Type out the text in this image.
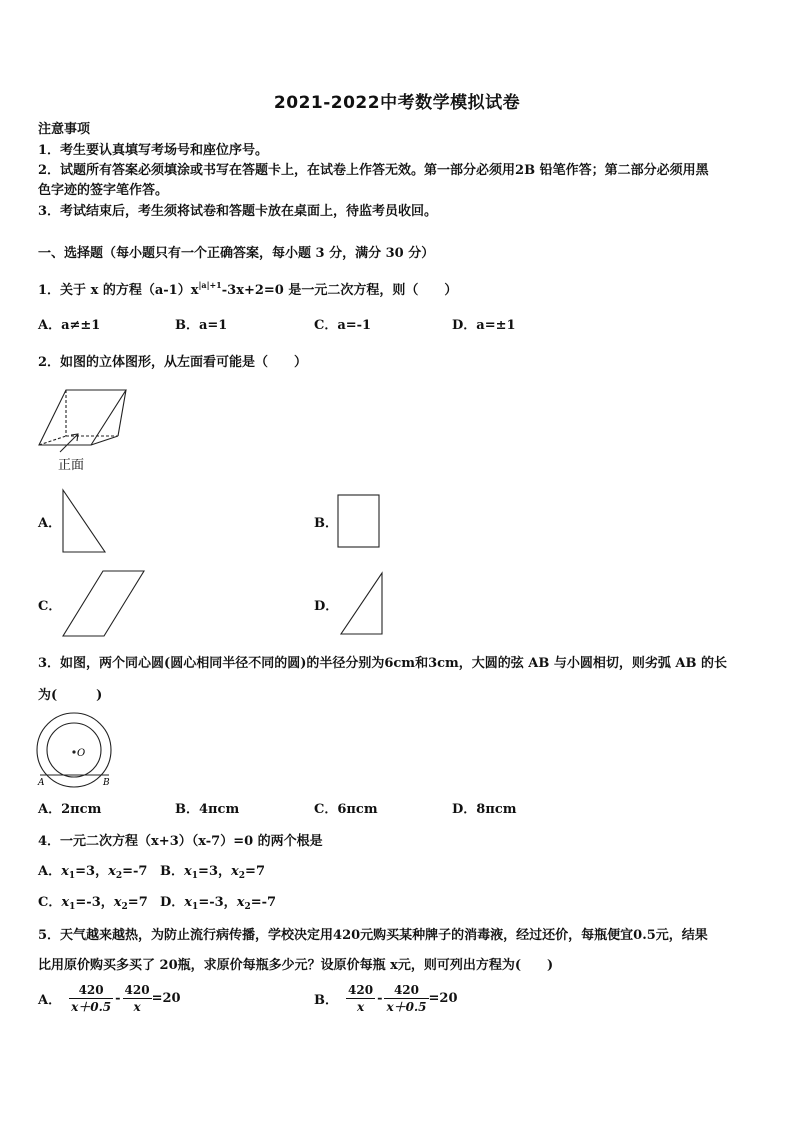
2021-2022中考数学模拟试卷
注意事项
1．考生要认真填写考场号和座位序号。
2．试题所有答案必须填涂或书写在答题卡上，在试卷上作答无效。第一部分必须用2B 铅笔作答；第二部分必须用黑
色字迹的签字笔作答。
3．考试结束后，考生须将试卷和答题卡放在桌面上，待监考员收回。
一、选择题（每小题只有一个正确答案，每小题 3 分，满分 30 分）
1．关于 x 的方程$(a-1)x^{|a|+1}-3x+2=0$ 是一元二次方程，则（　　）
A．a≠±1	B．a=1	C．a=-1	D．a=±1
2．如图的立体图形，从左面看可能是（　　）
正面
A．	B．
C．	D．
3．如图，两个同心圆(圆心相同半径不同的圆)的半径分别为6cm和3cm，大圆的弦 AB 与小圆相切，则劣弧 AB 的长
为(　　　)
O
A	B
A．2πcm	B．4πcm	C．6πcm	D．8πcm
4．一元二次方程（x+3）（x-7）=0 的两个根是
A．$x_1=3$，$x_2=-7$ B．$x_1=3$，$x_2=7$
C．$x_1=-3$，$x_2=7$ D．$x_1=-3$，$x_2=-7$
5．天气越来越热，为防止流行病传播，学校决定用420元购买某种牌子的消毒液，经过还价，每瓶便宜0.5元，结果
比用原价购买多买了 20瓶，求原价每瓶多少元？设原价每瓶 x元，则可列出方程为(　　)
A． $\frac{420}{x+0.5} - \frac{420}{x} =20$	B． $\frac{420}{x} - \frac{420}{x+0.5} =20$
